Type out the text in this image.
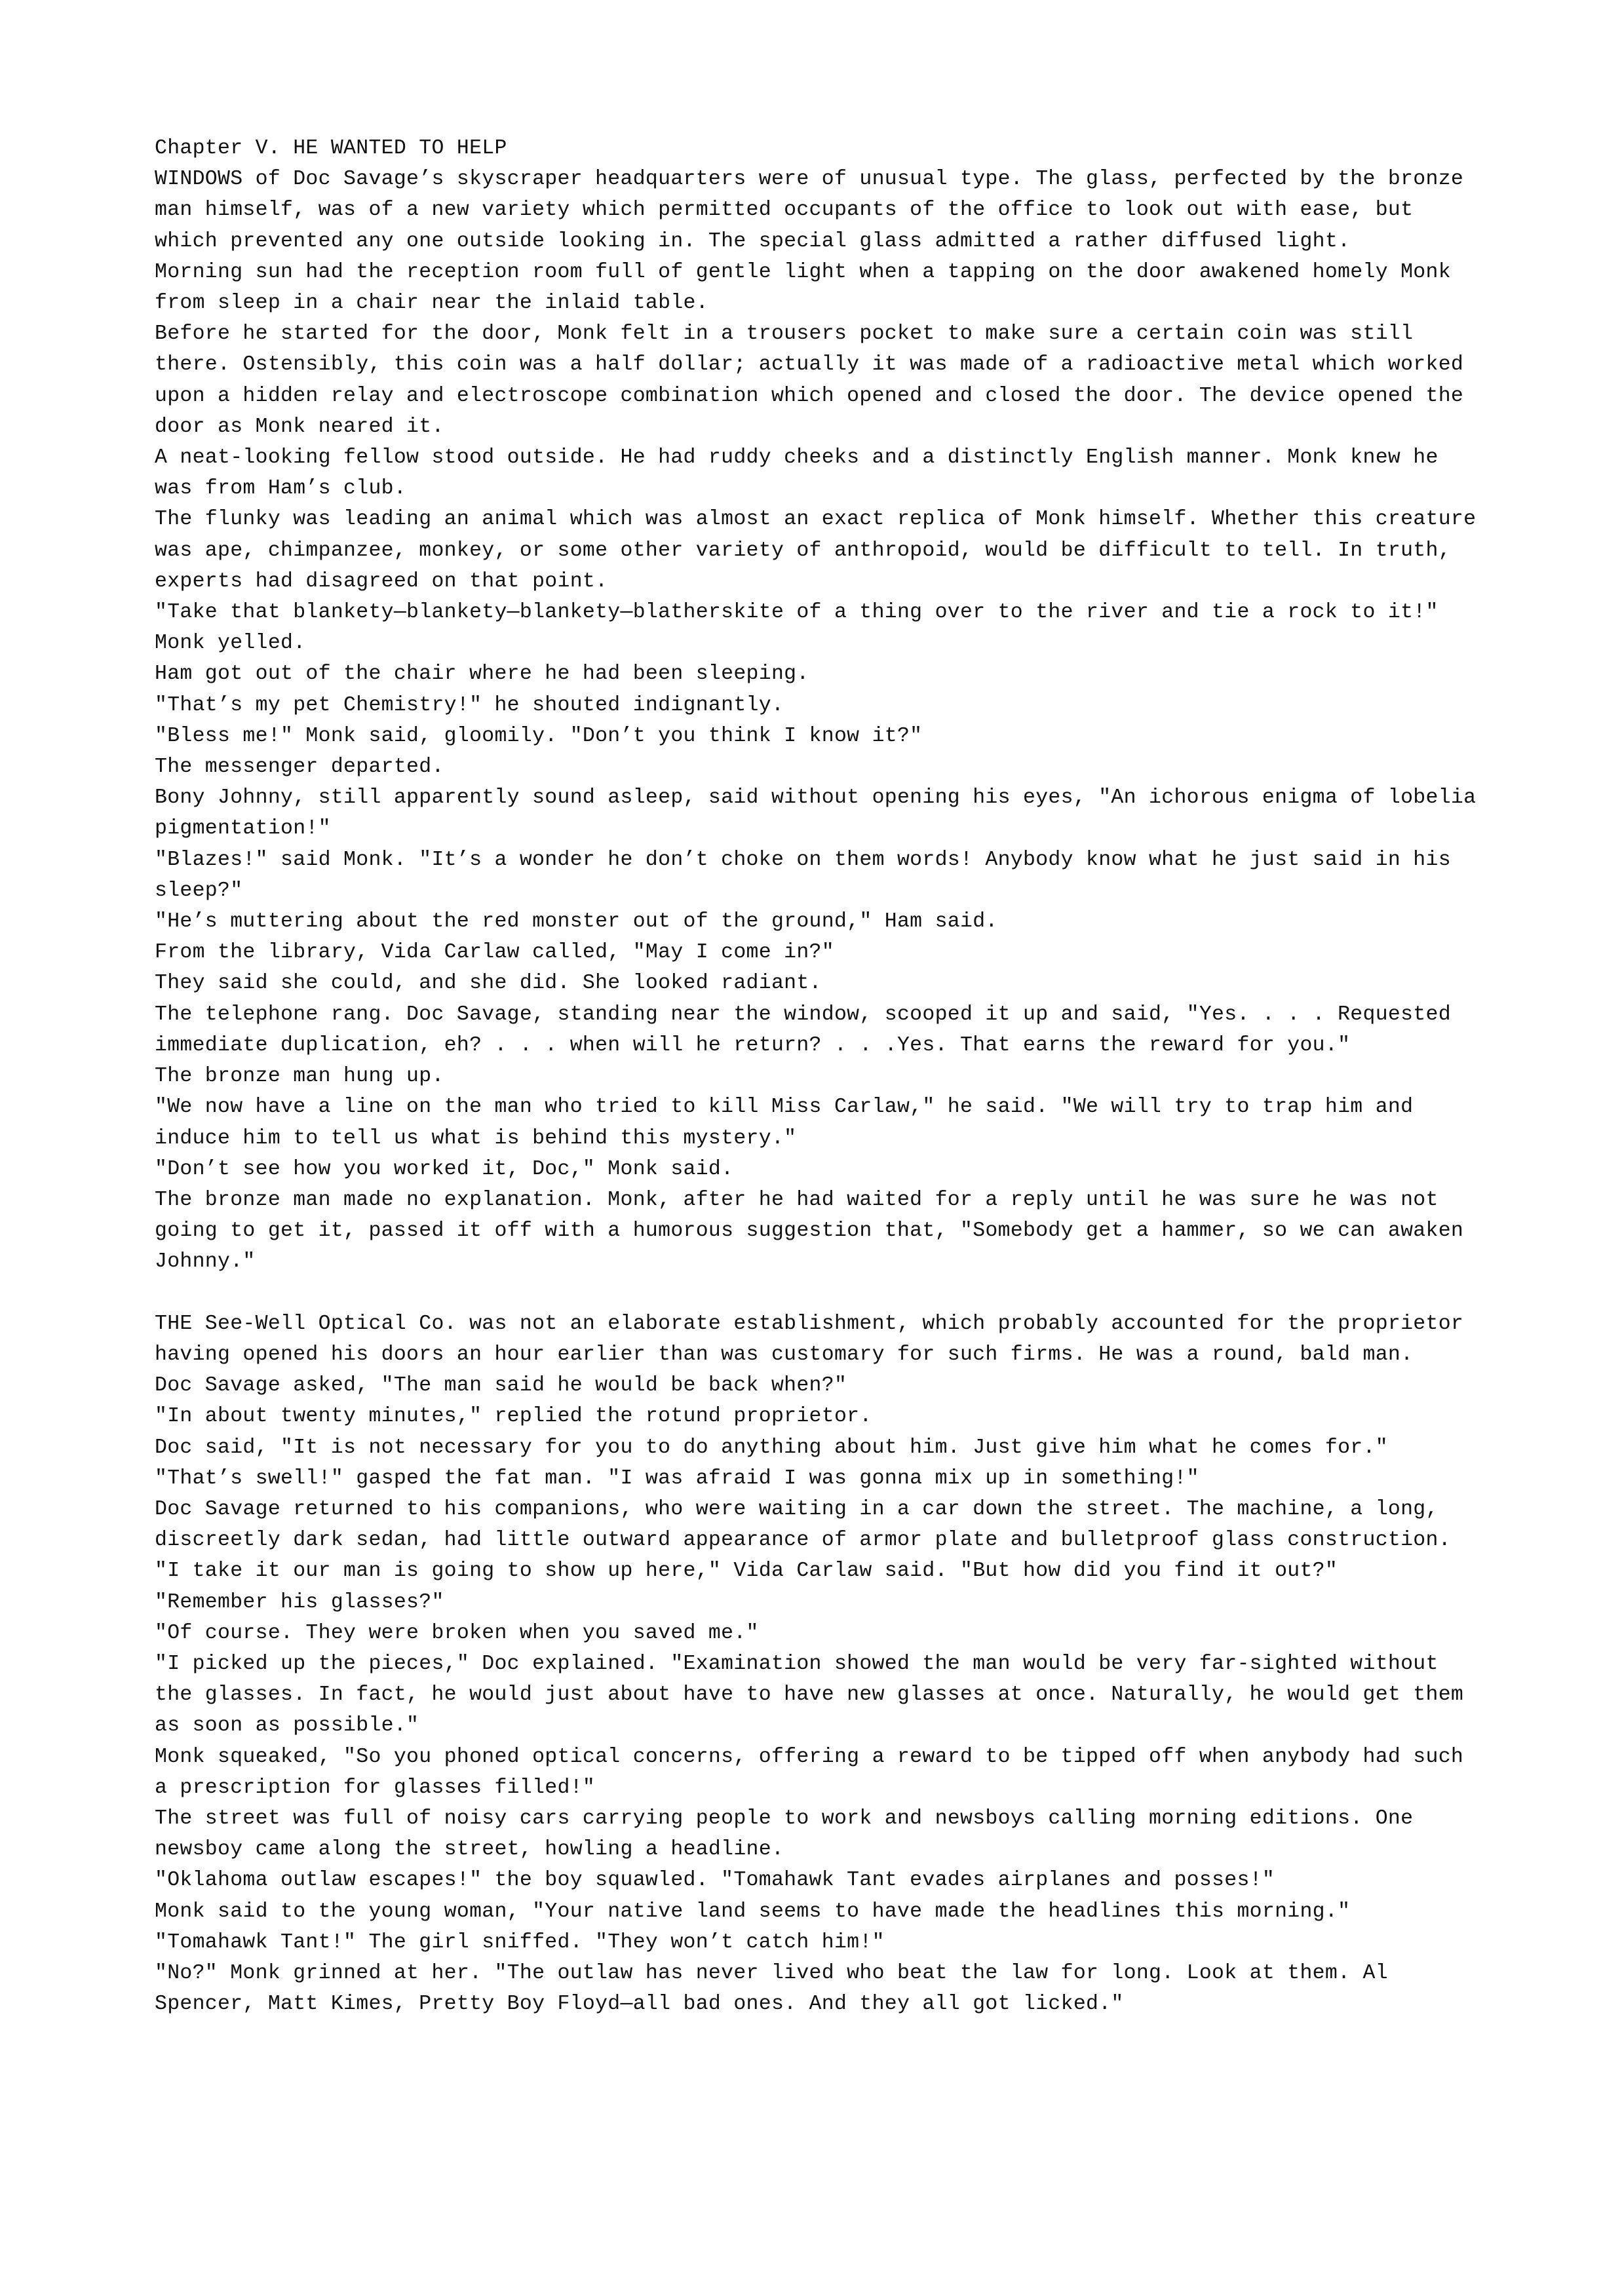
Chapter V. HE WANTED TO HELP

WINDOWS of Doc Savage’s skyscraper headquarters were of unusual type. The glass, perfected by the bronze man himself, was of a new variety which permitted occupants of the office to look out with ease, but which prevented any one outside looking in. The special glass admitted a rather diffused light.

Morning sun had the reception room full of gentle light when a tapping on the door awakened homely Monk from sleep in a chair near the inlaid table.

Before he started for the door, Monk felt in a trousers pocket to make sure a certain coin was still there. Ostensibly, this coin was a half dollar; actually it was made of a radioactive metal which worked upon a hidden relay and electroscope combination which opened and closed the door. The device opened the door as Monk neared it.

A neat-looking fellow stood outside. He had ruddy cheeks and a distinctly English manner. Monk knew he was from Ham’s club.

The flunky was leading an animal which was almost an exact replica of Monk himself. Whether this creature was ape, chimpanzee, monkey, or some other variety of anthropoid, would be difficult to tell. In truth, experts had disagreed on that point.

"Take that blankety—blankety—blankety—blatherskite of a thing over to the river and tie a rock to it!" Monk yelled.

Ham got out of the chair where he had been sleeping.

"That’s my pet Chemistry!" he shouted indignantly.

"Bless me!" Monk said, gloomily. "Don’t you think I know it?"

The messenger departed.

Bony Johnny, still apparently sound asleep, said without opening his eyes, "An ichorous enigma of lobelia pigmentation!"

"Blazes!" said Monk. "It’s a wonder he don’t choke on them words! Anybody know what he just said in his sleep?"

"He’s muttering about the red monster out of the ground," Ham said.

From the library, Vida Carlaw called, "May I come in?"

They said she could, and she did. She looked radiant.

The telephone rang. Doc Savage, standing near the window, scooped it up and said, "Yes. . . . Requested immediate duplication, eh? . . . when will he return? . . .Yes. That earns the reward for you."

The bronze man hung up.

"We now have a line on the man who tried to kill Miss Carlaw," he said. "We will try to trap him and induce him to tell us what is behind this mystery."

"Don’t see how you worked it, Doc," Monk said.

The bronze man made no explanation. Monk, after he had waited for a reply until he was sure he was not going to get it, passed it off with a humorous suggestion that, "Somebody get a hammer, so we can awaken Johnny."

THE See-Well Optical Co. was not an elaborate establishment, which probably accounted for the proprietor having opened his doors an hour earlier than was customary for such firms. He was a round, bald man.

Doc Savage asked, "The man said he would be back when?"

"In about twenty minutes," replied the rotund proprietor.

Doc said, "It is not necessary for you to do anything about him. Just give him what he comes for."

"That’s swell!" gasped the fat man. "I was afraid I was gonna mix up in something!"

Doc Savage returned to his companions, who were waiting in a car down the street. The machine, a long, discreetly dark sedan, had little outward appearance of armor plate and bulletproof glass construction.

"I take it our man is going to show up here," Vida Carlaw said. "But how did you find it out?"

"Remember his glasses?"

"Of course. They were broken when you saved me."

"I picked up the pieces," Doc explained. "Examination showed the man would be very far-sighted without the glasses. In fact, he would just about have to have new glasses at once. Naturally, he would get them as soon as possible."

Monk squeaked, "So you phoned optical concerns, offering a reward to be tipped off when anybody had such a prescription for glasses filled!"

The street was full of noisy cars carrying people to work and newsboys calling morning editions. One newsboy came along the street, howling a headline.

"Oklahoma outlaw escapes!" the boy squawled. "Tomahawk Tant evades airplanes and posses!"

Monk said to the young woman, "Your native land seems to have made the headlines this morning."

"Tomahawk Tant!" The girl sniffed. "They won’t catch him!"

"No?" Monk grinned at her. "The outlaw has never lived who beat the law for long. Look at them. Al Spencer, Matt Kimes, Pretty Boy Floyd—all bad ones. And they all got licked."
